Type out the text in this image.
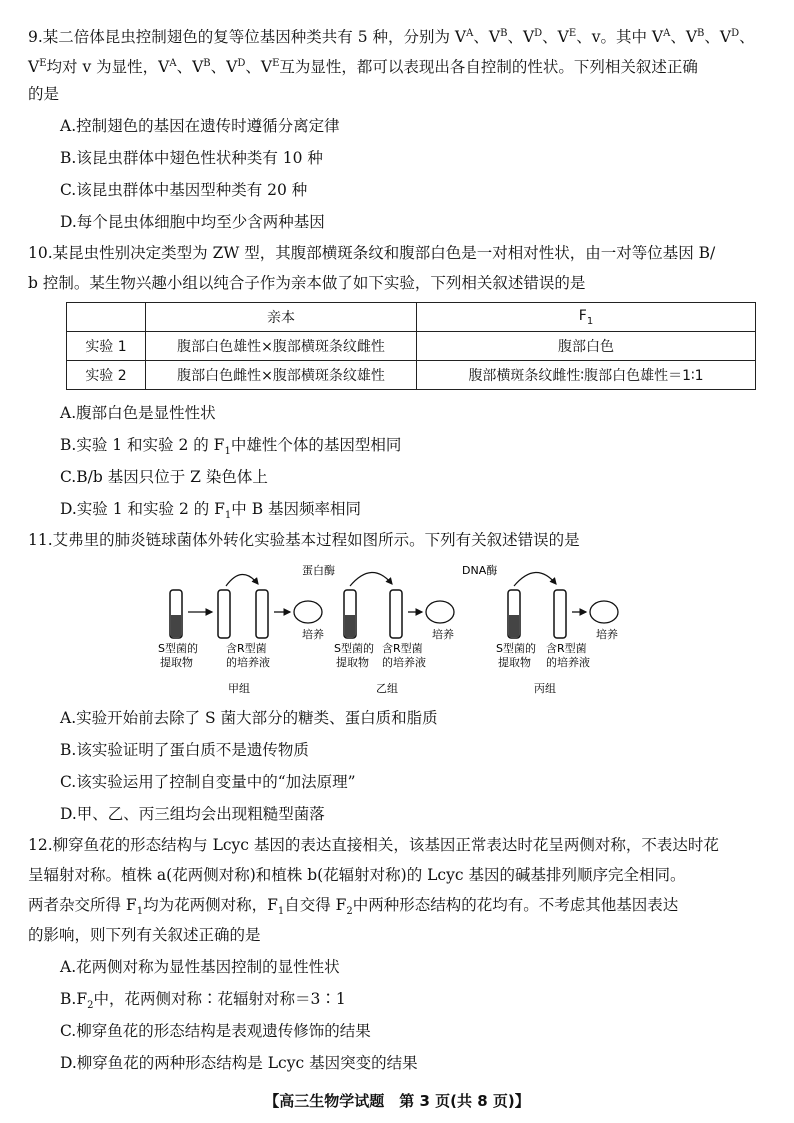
9.某二倍体昆虫控制翅色的复等位基因种类共有 5 种，分别为 $V^A$、$V^B$、$V^D$、$V^E$、v。其中 $V^A$、$V^B$、$V^D$、
$V^E$均对 v 为显性，$V^A$、$V^B$、$V^D$、$V^E$互为显性，都可以表现出各自控制的性状。下列相关叙述正确
的是
A.控制翅色的基因在遗传时遵循分离定律
B.该昆虫群体中翅色性状种类有 10 种
C.该昆虫群体中基因型种类有 20 种
D.每个昆虫体细胞中均至少含两种基因
10.某昆虫性别决定类型为 ZW 型，其腹部横斑条纹和腹部白色是一对相对性状，由一对等位基因 B/
b 控制。某生物兴趣小组以纯合子作为亲本做了如下实验，下列相关叙述错误的是
	亲本	$F_1$
实验 1	腹部白色雄性×腹部横斑条纹雌性	腹部白色
实验 2	腹部白色雌性×腹部横斑条纹雄性	腹部横斑条纹雌性∶腹部白色雄性＝1∶1
A.腹部白色是显性性状
B.实验 1 和实验 2 的 $F_1$中雄性个体的基因型相同
C.B/b 基因只位于 Z 染色体上
D.实验 1 和实验 2 的 $F_1$中 B 基因频率相同
11.艾弗里的肺炎链球菌体外转化实验基本过程如图所示。下列有关叙述错误的是
S型菌的
提取物
含R型菌
的培养液
培养
甲组
蛋白酶
S型菌的
提取物
含R型菌
的培养液
培养
乙组
DNA酶
S型菌的
提取物
含R型菌
的培养液
培养
丙组
A.实验开始前去除了 S 菌大部分的糖类、蛋白质和脂质
B.该实验证明了蛋白质不是遗传物质
C.该实验运用了控制自变量中的“加法原理”
D.甲、乙、丙三组均会出现粗糙型菌落
12.柳穿鱼花的形态结构与 Lcyc 基因的表达直接相关，该基因正常表达时花呈两侧对称，不表达时花
呈辐射对称。植株 a(花两侧对称)和植株 b(花辐射对称)的 Lcyc 基因的碱基排列顺序完全相同。
两者杂交所得 $F_1$均为花两侧对称，$F_1$自交得 $F_2$中两种形态结构的花均有。不考虑其他基因表达
的影响，则下列有关叙述正确的是
A.花两侧对称为显性基因控制的显性性状
$B.F_2$中，花两侧对称∶花辐射对称＝3∶1
C.柳穿鱼花的形态结构是表观遗传修饰的结果
D.柳穿鱼花的两种形态结构是 Lcyc 基因突变的结果
【高三生物学试题　第 3 页(共 8 页)】
